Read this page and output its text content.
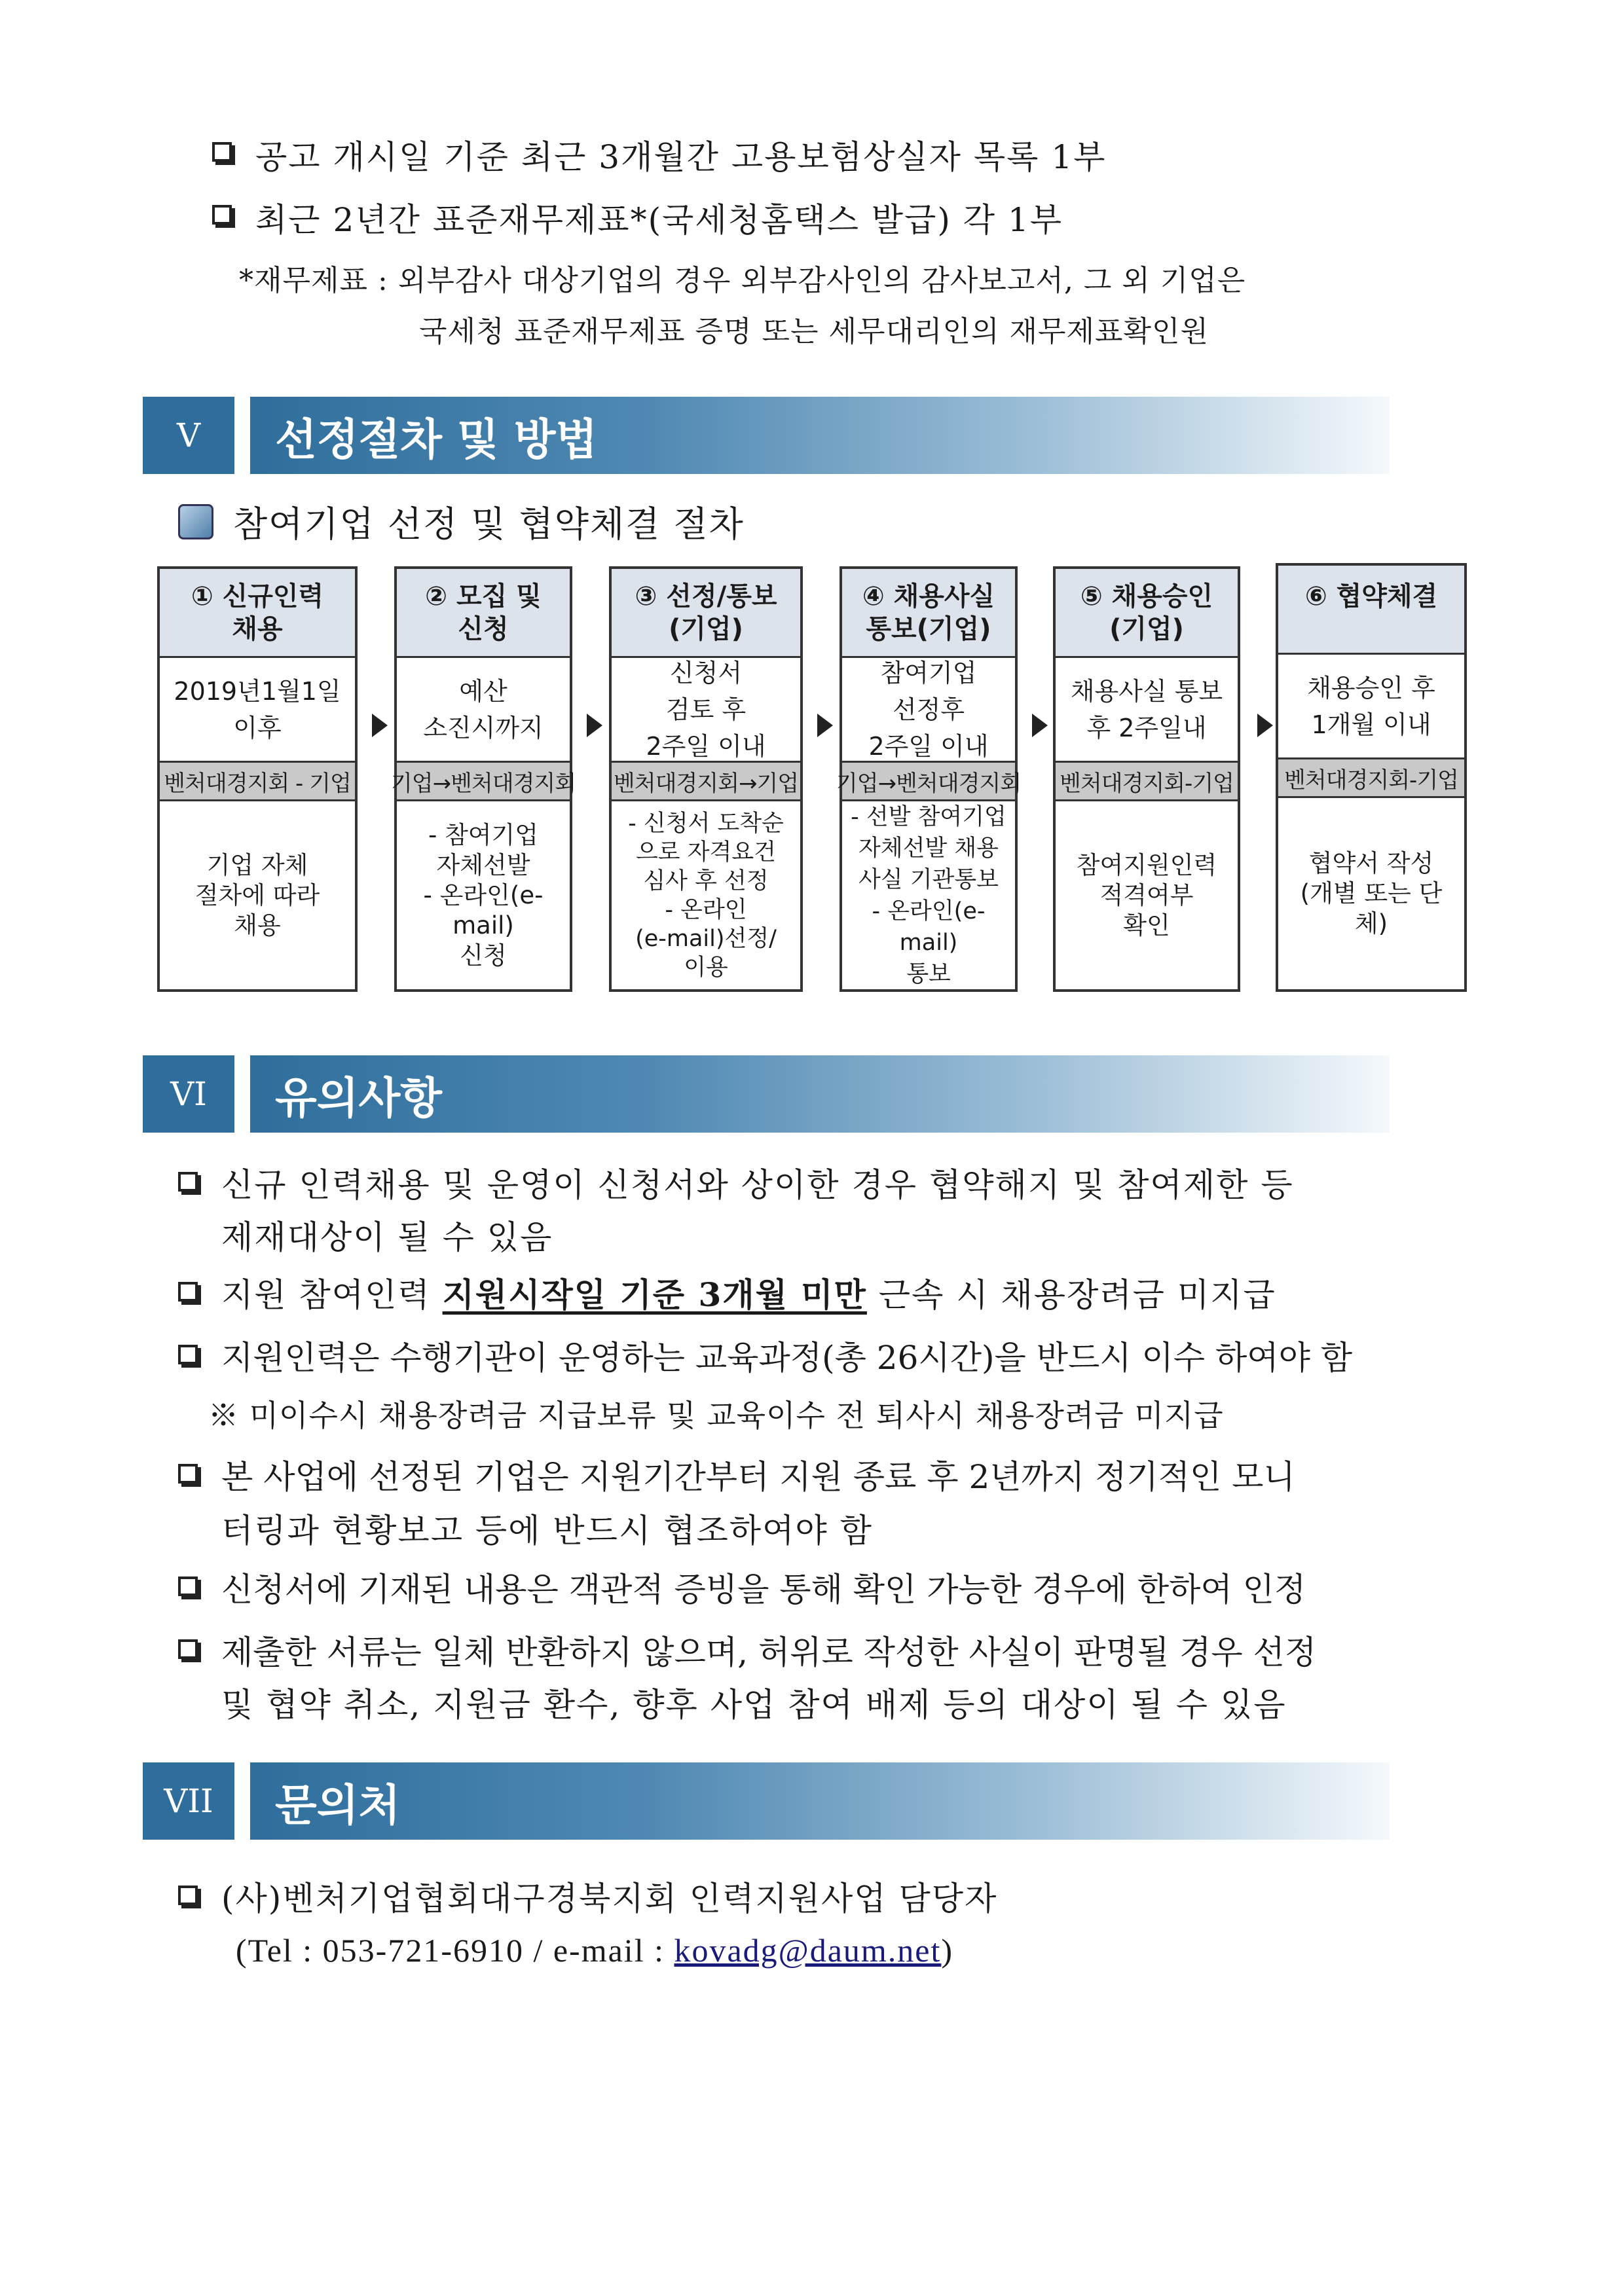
공고 개시일 기준 최근 3개월간 고용보험상실자 목록 1부
최근 2년간 표준재무제표*(국세청홈택스 발급) 각 1부
*재무제표 : 외부감사 대상기업의 경우 외부감사인의 감사보고서, 그 외 기업은
국세청 표준재무제표 증명 또는 세무대리인의 재무제표확인원
V	선정절차 및 방법
참여기업 선정 및 협약체결 절차
① 신규인력
채용
2019년1월1일
이후
벤처대경지회 - 기업
기업 자체
절차에 따라
채용
② 모집 및
신청
예산
소진시까지
기업→벤처대경지회
- 참여기업
자체선발
- 온라인(e-mail)
신청
③ 선정/통보
(기업)
신청서
검토 후
2주일 이내
벤처대경지회→기업
- 신청서 도착순
으로 자격요건
심사 후 선정
- 온라인
(e-mail)선정/
이용
④ 채용사실
통보(기업)
참여기업
선정후
2주일 이내
기업→벤처대경지회
- 선발 참여기업
자체선발 채용
사실 기관통보
- 온라인(e-mail)
통보
⑤ 채용승인
(기업)
채용사실 통보
후 2주일내
벤처대경지회-기업
참여지원인력
적격여부
확인
⑥ 협약체결
채용승인 후
1개월 이내
벤처대경지회-기업
협약서 작성
(개별 또는 단체)
VI	유의사항
신규 인력채용 및 운영이 신청서와 상이한 경우 협약해지 및 참여제한 등
제재대상이 될 수 있음
지원 참여인력 지원시작일 기준 3개월 미만 근속 시 채용장려금 미지급
지원인력은 수행기관이 운영하는 교육과정(총 26시간)을 반드시 이수 하여야 함
※ 미이수시 채용장려금 지급보류 및 교육이수 전 퇴사시 채용장려금 미지급
본 사업에 선정된 기업은 지원기간부터 지원 종료 후 2년까지 정기적인 모니
터링과 현황보고 등에 반드시 협조하여야 함
신청서에 기재된 내용은 객관적 증빙을 통해 확인 가능한 경우에 한하여 인정
제출한 서류는 일체 반환하지 않으며, 허위로 작성한 사실이 판명될 경우 선정
및 협약 취소, 지원금 환수, 향후 사업 참여 배제 등의 대상이 될 수 있음
VII	문의처
(사)벤처기업협회대구경북지회 인력지원사업 담당자
(Tel : 053-721-6910 / e-mail : kovadg@daum.net)
